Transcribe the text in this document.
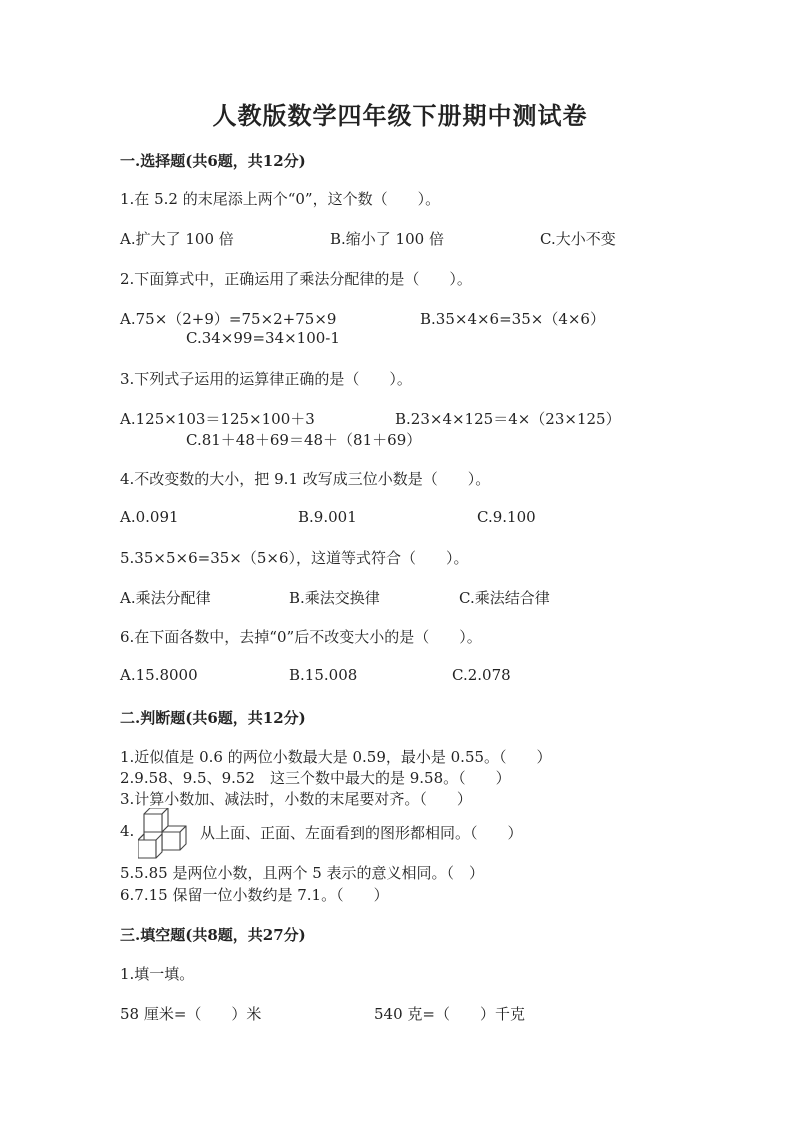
人教版数学四年级下册期中测试卷
一.选择题(共6题，共12分)
1.在 5.2 的末尾添上两个“0”，这个数（　　）。
A.扩大了 100 倍	B.缩小了 100 倍	C.大小不变
2.下面算式中，正确运用了乘法分配律的是（　　）。
A.75×（2+9）=75×2+75×9	B.35×4×6=35×（4×6）
C.34×99=34×100-1
3.下列式子运用的运算律正确的是（　　）。
A.125×103＝125×100＋3	B.23×4×125＝4×（23×125）
C.81＋48＋69＝48＋（81＋69）
4.不改变数的大小，把 9.1 改写成三位小数是（　　）。
A.0.091	B.9.001	C.9.100
5.35×5×6=35×（5×6），这道等式符合（　　）。
A.乘法分配律	B.乘法交换律	C.乘法结合律
6.在下面各数中，去掉“0”后不改变大小的是（　　）。
A.15.8000	B.15.008	C.2.078
二.判断题(共6题，共12分)
1.近似值是 0.6 的两位小数最大是 0.59，最小是 0.55。（　　）
2.9.58、9.5、9.52　这三个数中最大的是 9.58。（　　）
3.计算小数加、减法时，小数的末尾要对齐。（　　）
4.	从上面、正面、左面看到的图形都相同。（　　）
5.5.85 是两位小数，且两个 5 表示的意义相同。（　）
6.7.15 保留一位小数约是 7.1。（　　）
三.填空题(共8题，共27分)
1.填一填。
58 厘米=（　　）米	540 克=（　　）千克
